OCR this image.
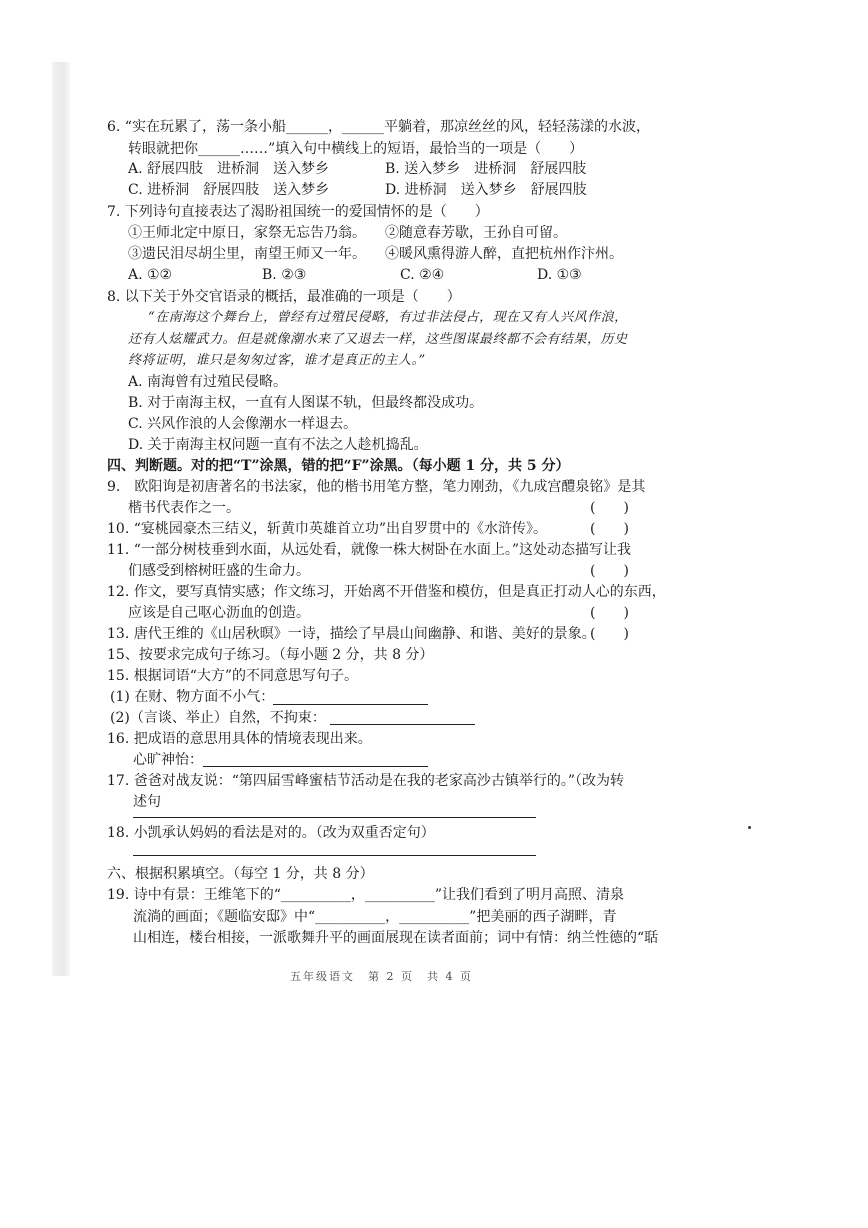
6. “实在玩累了，荡一条小船______，______平躺着，那凉丝丝的风，轻轻荡漾的水波，
转眼就把你______……”填入句中横线上的短语，最恰当的一项是（　　）
A. 舒展四肢　进桥洞　送入梦乡	B. 送入梦乡　进桥洞　舒展四肢
C. 进桥洞　舒展四肢　送入梦乡	D. 进桥洞　送入梦乡　舒展四肢
7. 下列诗句直接表达了渴盼祖国统一的爱国情怀的是（　　）
①王师北定中原日，家祭无忘告乃翁。 ②随意春芳歇，王孙自可留。
③遗民泪尽胡尘里，南望王师又一年。 ④暖风熏得游人醉，直把杭州作汴州。
A. ①②	B. ②③	C. ②④	D. ①③
8. 以下关于外交官语录的概括，最准确的一项是（　　）
“在南海这个舞台上，曾经有过殖民侵略，有过非法侵占，现在又有人兴风作浪，
还有人炫耀武力。但是就像潮水来了又退去一样，这些图谋最终都不会有结果，历史
终将证明，谁只是匆匆过客，谁才是真正的主人。”
A. 南海曾有过殖民侵略。
B. 对于南海主权，一直有人图谋不轨，但最终都没成功。
C. 兴风作浪的人会像潮水一样退去。
D. 关于南海主权问题一直有不法之人趁机捣乱。
四、判断题。对的把“T”涂黑，错的把“F”涂黑。（每小题 1 分，共 5 分）
9.　欧阳询是初唐著名的书法家，他的楷书用笔方整，笔力刚劲，《九成宫醴泉铭》是其
楷书代表作之一。	(　　)
10. “宴桃园豪杰三结义，斩黄巾英雄首立功”出自罗贯中的《水浒传》。	(　　)
11. “一部分树枝垂到水面，从远处看，就像一株大树卧在水面上。”这处动态描写让我
们感受到榕树旺盛的生命力。	(　　)
12. 作文，要写真情实感；作文练习，开始离不开借鉴和模仿，但是真正打动人心的东西，
应该是自己呕心沥血的创造。	(　　)
13. 唐代王维的《山居秋暝》一诗，描绘了早晨山间幽静、和谐、美好的景象。
(　　)
15、按要求完成句子练习。（每小题 2 分，共 8 分）
15. 根据词语“大方”的不同意思写句子。
(1) 在财、物方面不小气：
(2)（言谈、举止）自然，不拘束：
16. 把成语的意思用具体的情境表现出来。
心旷神怡：
17. 爸爸对战友说：“第四届雪峰蜜桔节活动是在我的老家高沙古镇举行的。”（改为转
述句
18. 小凯承认妈妈的看法是对的。（改为双重否定句）
六、根据积累填空。（每空 1 分，共 8 分）
19. 诗中有景：王维笔下的“__________，__________”让我们看到了明月高照、清泉
流淌的画面；《题临安邸》中“__________，__________”把美丽的西子湖畔，青
山相连，楼台相接，一派歌舞升平的画面展现在读者面前；词中有情：纳兰性德的“聒
五年级语文　第 2 页　共 4 页
